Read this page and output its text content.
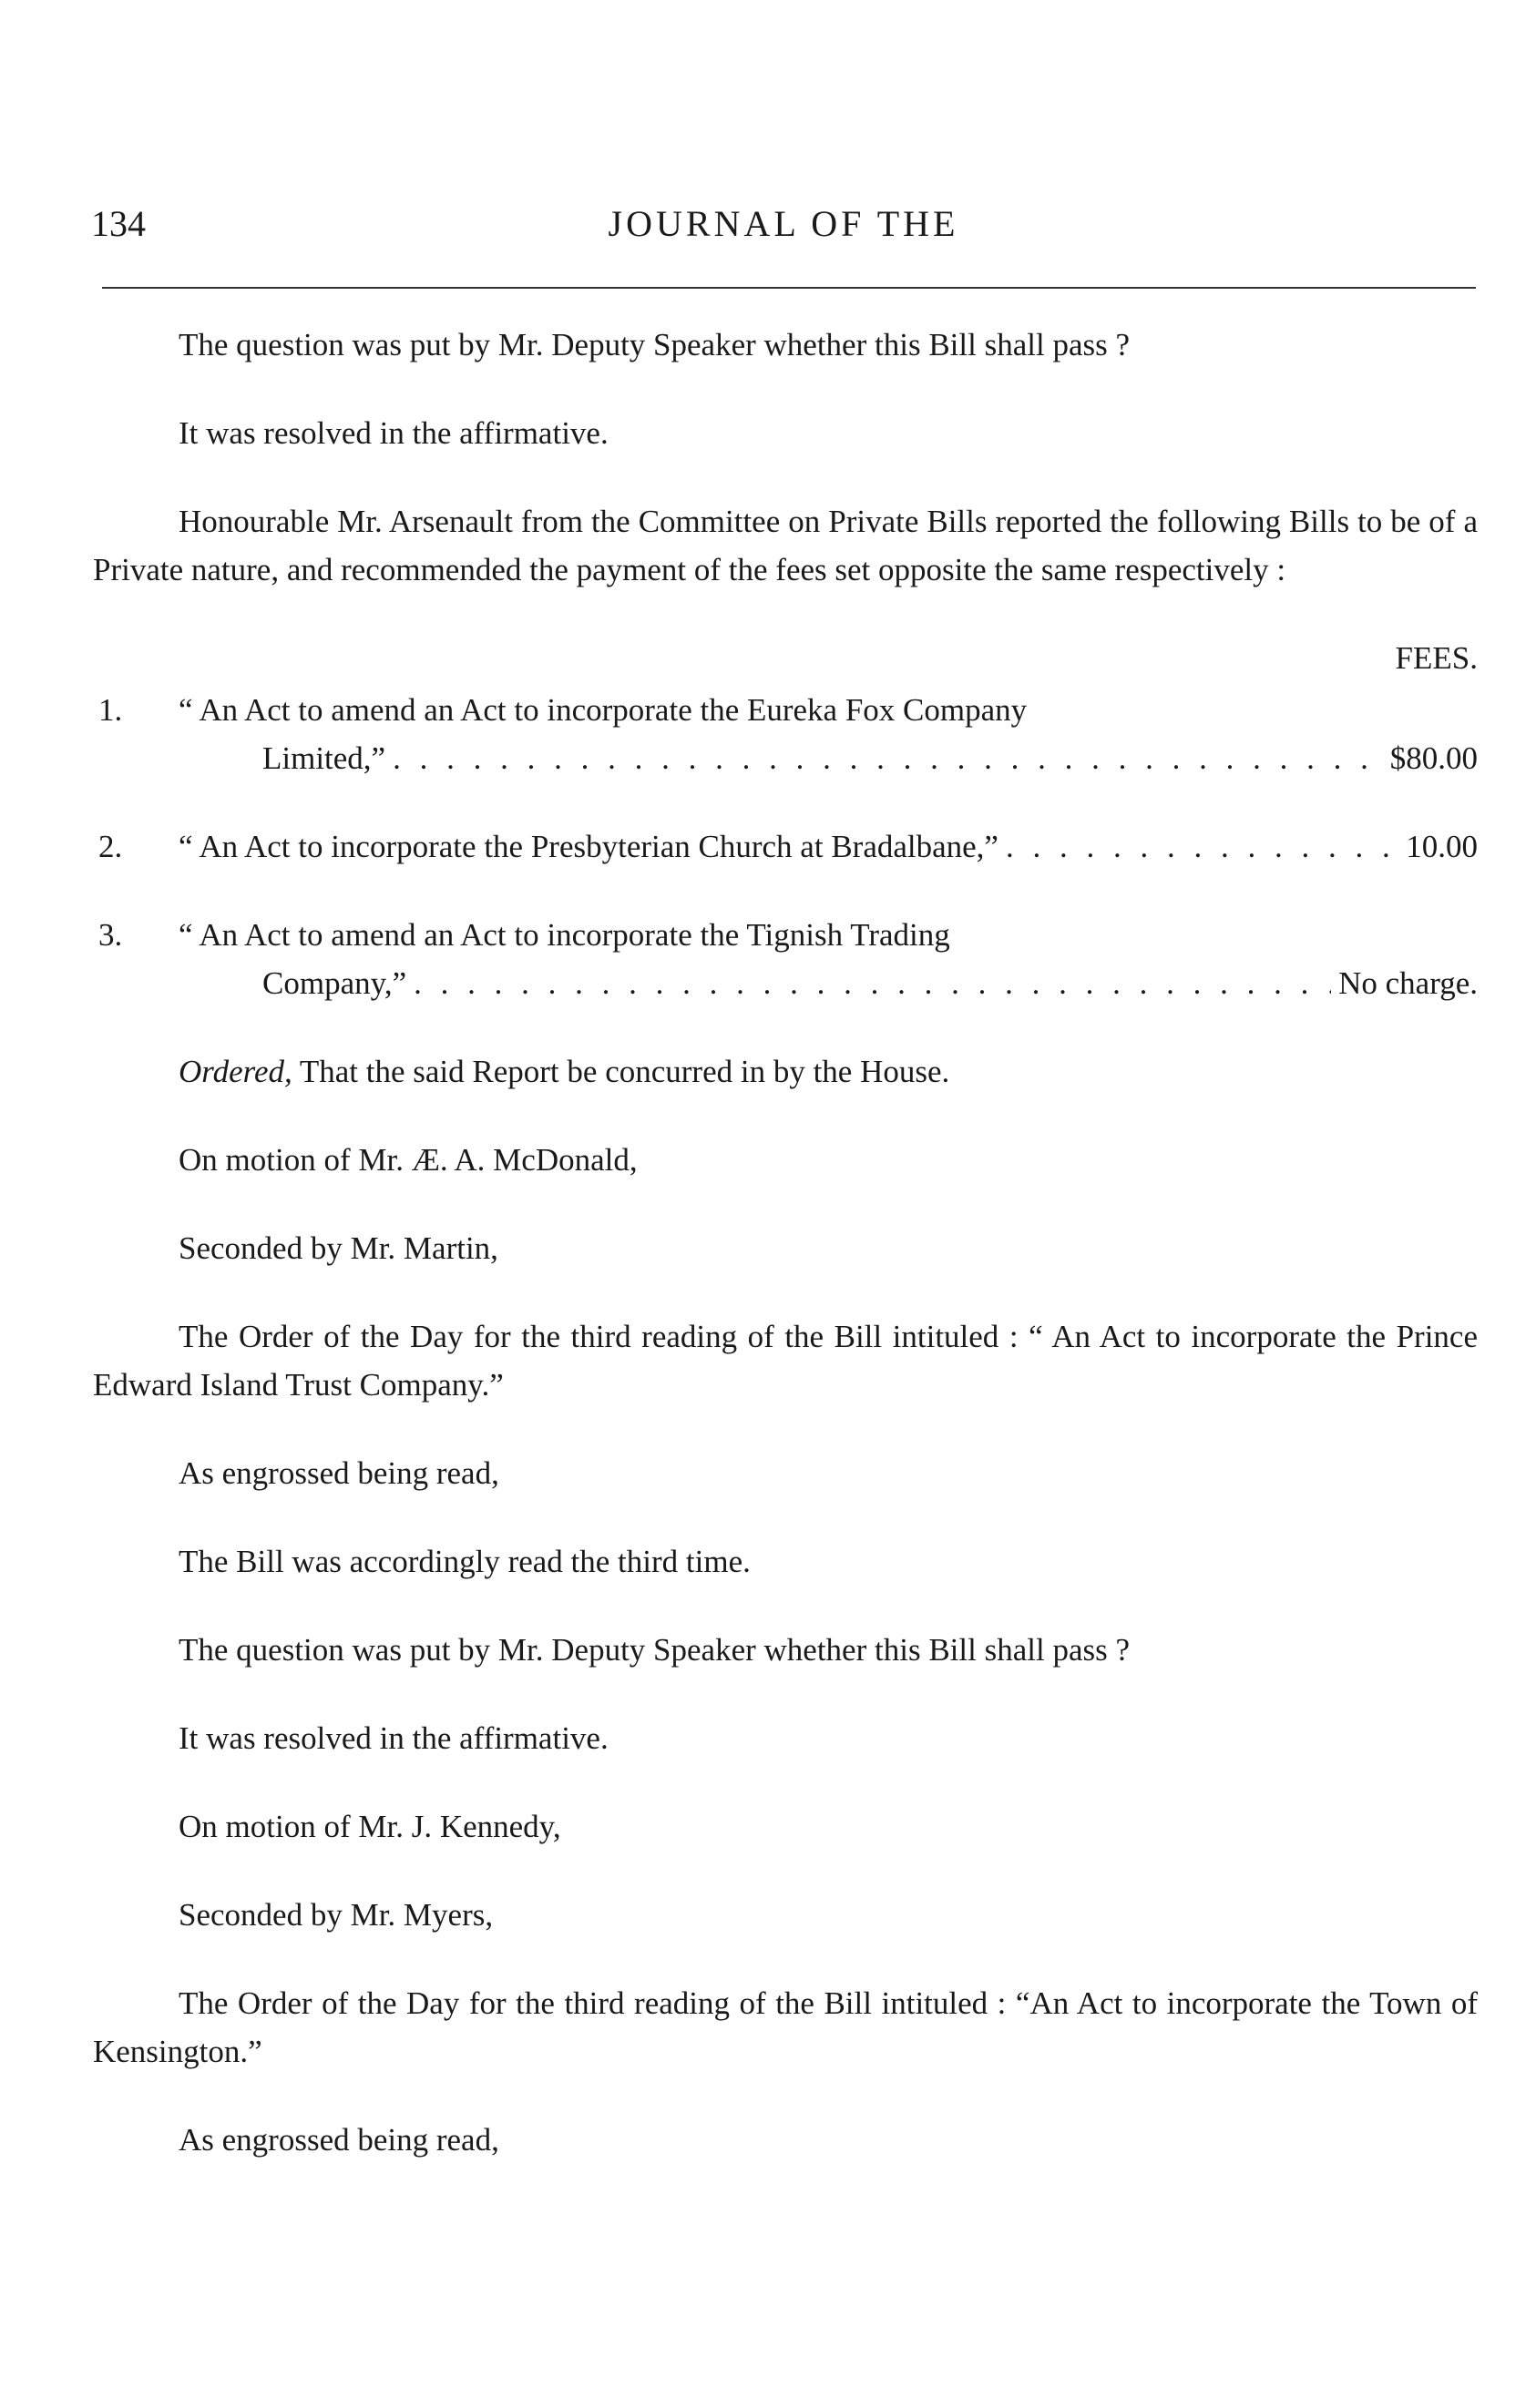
134	JOURNAL OF THE

The question was put by Mr. Deputy Speaker whether this Bill shall pass ?

It was resolved in the affirmative.

Honourable Mr. Arsenault from the Committee on Private Bills reported the following Bills to be of a Private nature, and recommended the payment of the fees set opposite the same respectively :

FEES.
1. “ An Act to amend an Act to incorporate the Eureka Fox Company
Limited,” . . .	$80.00
2. “ An Act to incorporate the Presbyterian Church at Bradalbane,” . . .	10.00
3. “ An Act to amend an Act to incorporate the Tignish Trading
Company,” . . .	No charge.

Ordered, That the said Report be concurred in by the House.

On motion of Mr. Æ. A. McDonald,

Seconded by Mr. Martin,

The Order of the Day for the third reading of the Bill intituled : “ An Act to incorporate the Prince Edward Island Trust Company.”

As engrossed being read,

The Bill was accordingly read the third time.

The question was put by Mr. Deputy Speaker whether this Bill shall pass ?

It was resolved in the affirmative.

On motion of Mr. J. Kennedy,

Seconded by Mr. Myers,

The Order of the Day for the third reading of the Bill intituled : “An Act to incorporate the Town of Kensington.”

As engrossed being read,
